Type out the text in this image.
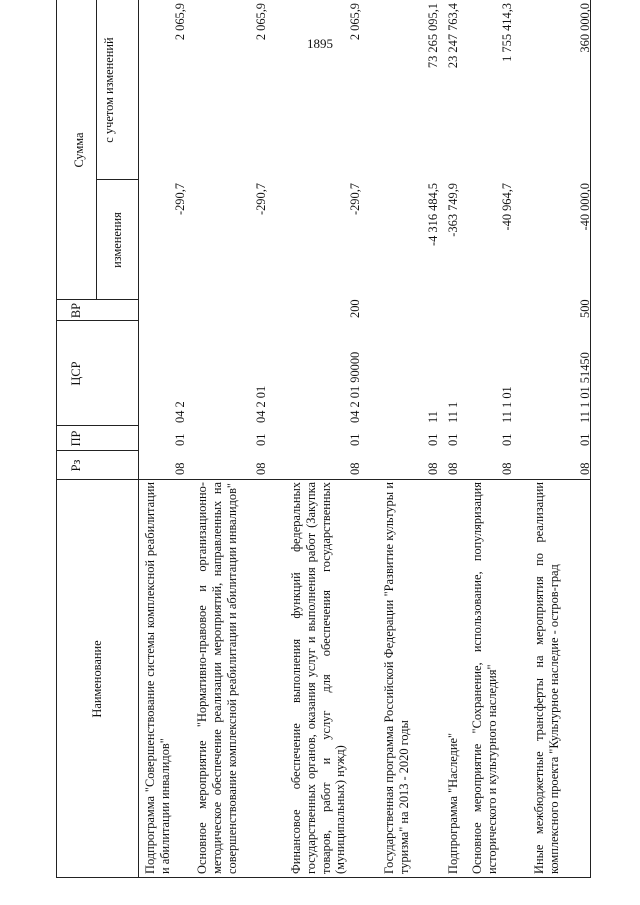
1895
Наименование
Рз
ПР
ЦСР
ВР
Сумма
изменения
с учетом изменений
Подпрограмма "Совершенствование системы комплексной реабилитации и абилитации инвалидов"
08
01
04 2
-290,7
2 065,9
Основное мероприятие "Нормативно-правовое и организационно-методическое обеспечение реализации мероприятий, направленных на совершенствование комплексной реабилитации и абилитации инвалидов"
08
01
04 2 01
-290,7
2 065,9
Финансовое обеспечение выполнения функций федеральных государственных органов, оказания услуг и выполнения работ (Закупка товаров, работ и услуг для обеспечения государственных (муниципальных) нужд)
08
01
04 2 01 90000
200
-290,7
2 065,9
Государственная программа Российской Федерации "Развитие культуры и туризма" на 2013 - 2020 годы
08
01
11
-4 316 484,5
73 265 095,1
Подпрограмма "Наследие"
08
01
11 1
-363 749,9
23 247 763,4
Основное мероприятие "Сохранение, использование, популяризация исторического и культурного наследия"
08
01
11 1 01
-40 964,7
1 755 414,3
Иные межбюджетные трансферты на мероприятия по реализации комплексного проекта "Культурное наследие - остров-град
08
01
11 1 01 51450
500
-40 000,0
360 000,0
